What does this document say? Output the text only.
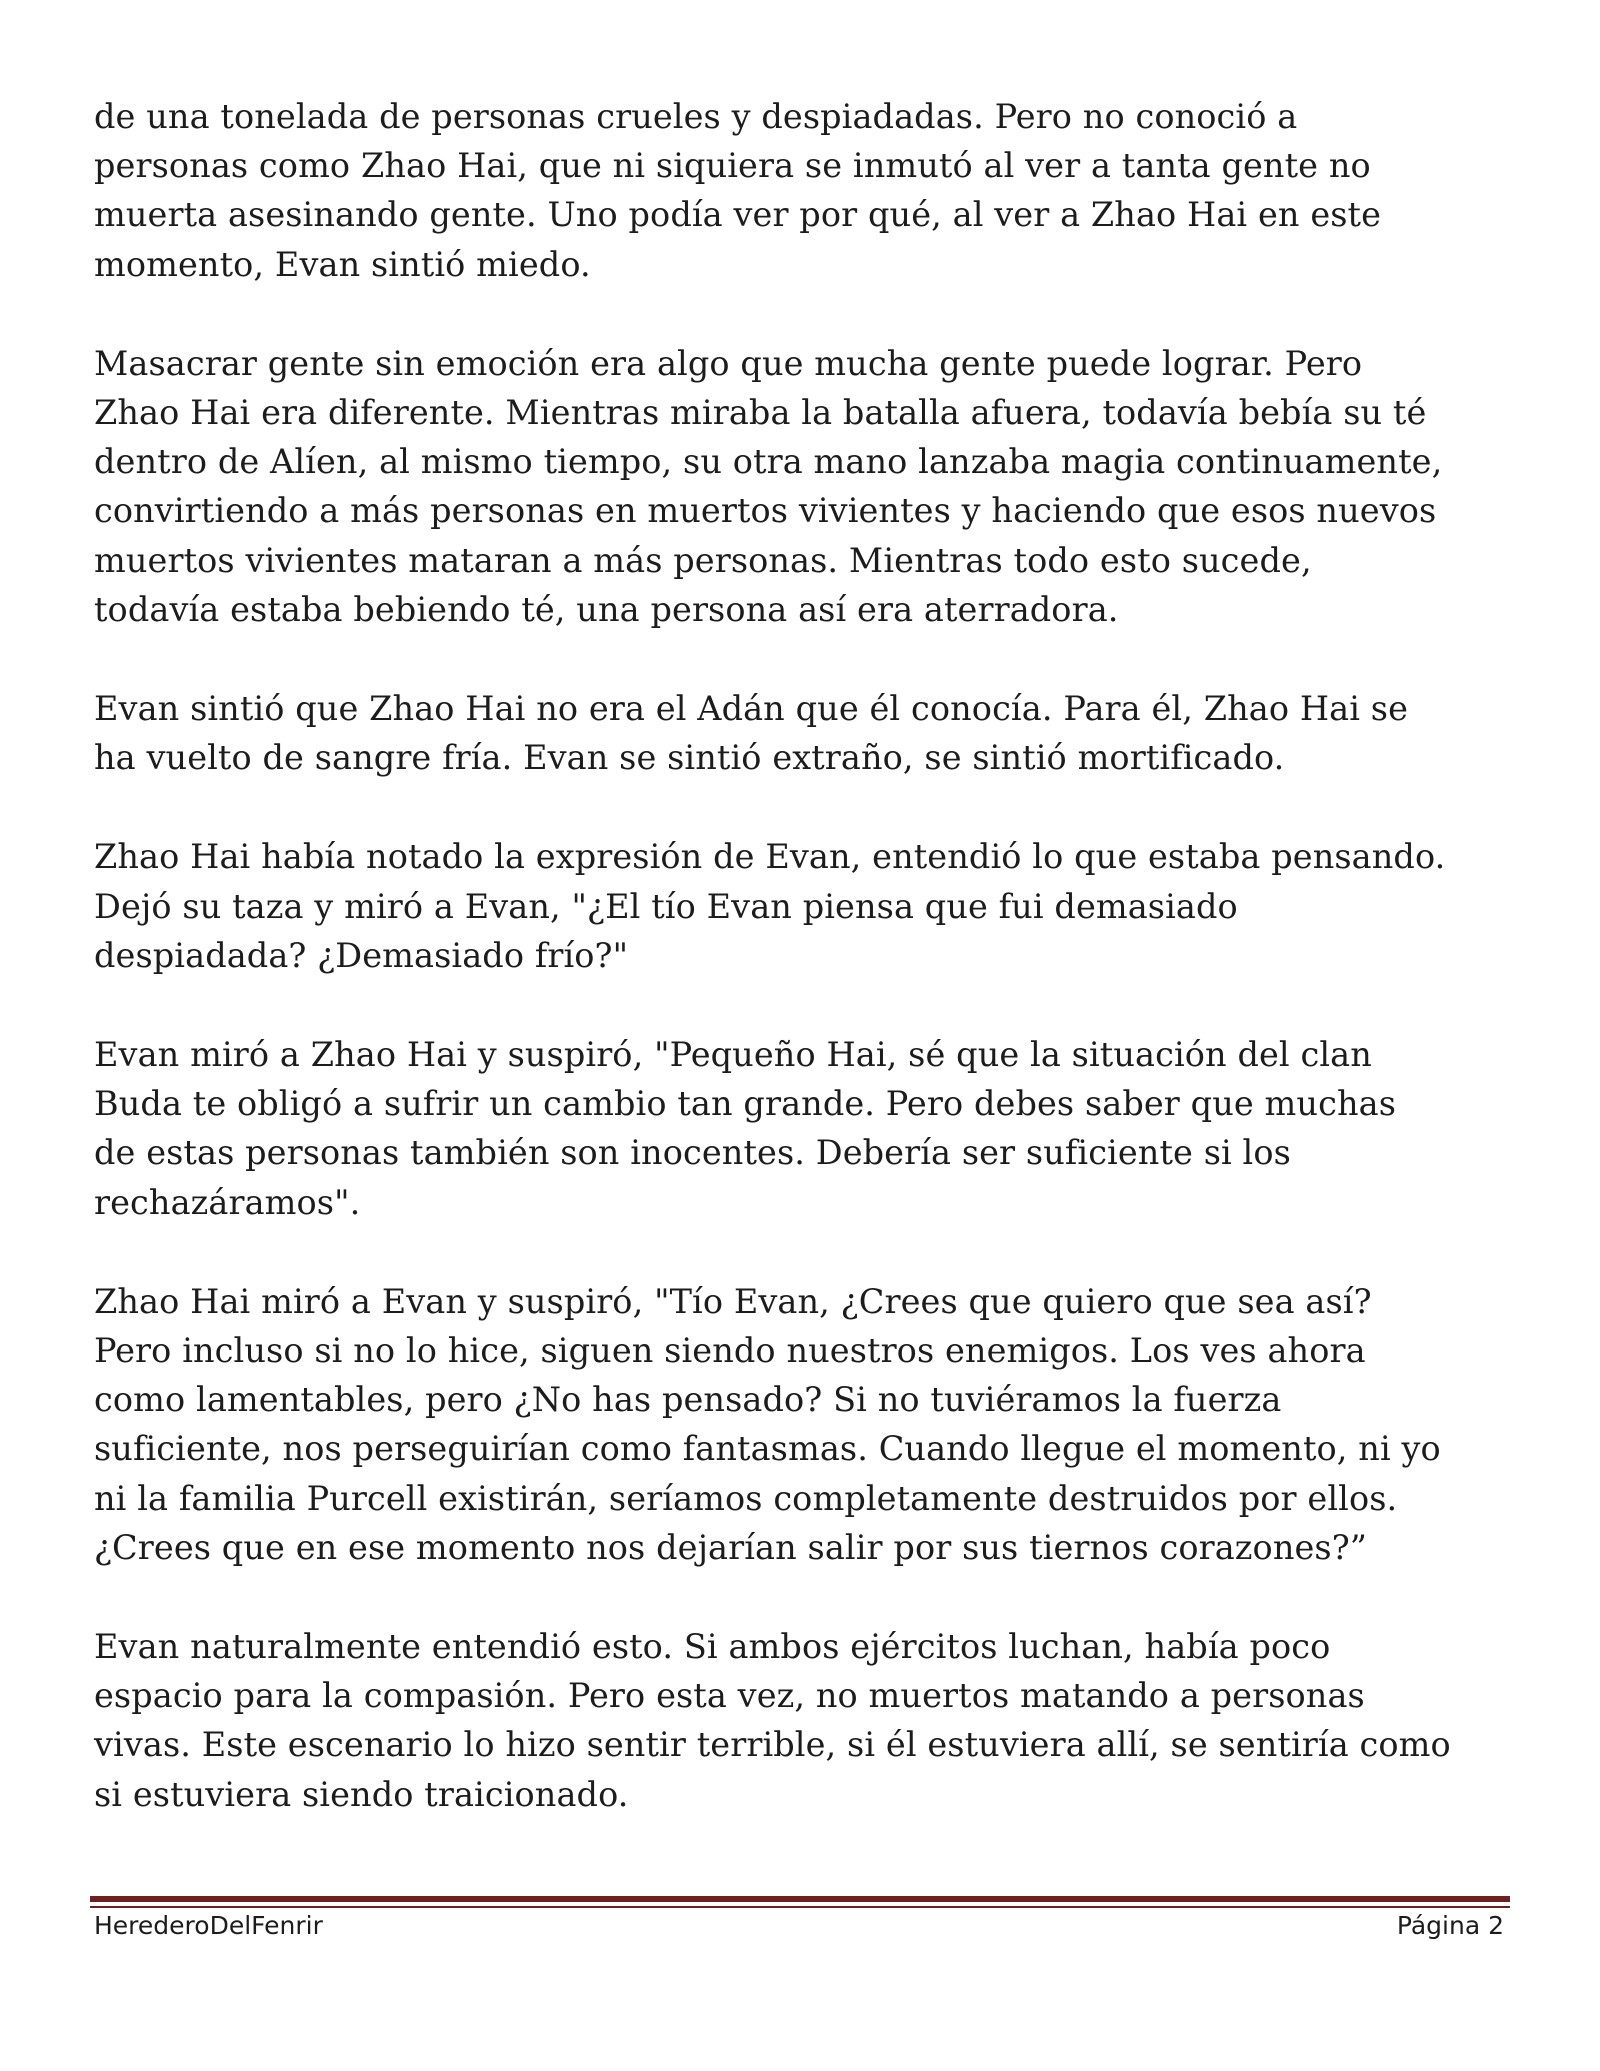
de una tonelada de personas crueles y despiadadas. Pero no conoció a
personas como Zhao Hai, que ni siquiera se inmutó al ver a tanta gente no
muerta asesinando gente. Uno podía ver por qué, al ver a Zhao Hai en este
momento, Evan sintió miedo.

Masacrar gente sin emoción era algo que mucha gente puede lograr. Pero
Zhao Hai era diferente. Mientras miraba la batalla afuera, todavía bebía su té
dentro de Alíen, al mismo tiempo, su otra mano lanzaba magia continuamente,
convirtiendo a más personas en muertos vivientes y haciendo que esos nuevos
muertos vivientes mataran a más personas. Mientras todo esto sucede,
todavía estaba bebiendo té, una persona así era aterradora.

Evan sintió que Zhao Hai no era el Adán que él conocía. Para él, Zhao Hai se
ha vuelto de sangre fría. Evan se sintió extraño, se sintió mortificado.

Zhao Hai había notado la expresión de Evan, entendió lo que estaba pensando.
Dejó su taza y miró a Evan, "¿El tío Evan piensa que fui demasiado
despiadada? ¿Demasiado frío?"

Evan miró a Zhao Hai y suspiró, "Pequeño Hai, sé que la situación del clan
Buda te obligó a sufrir un cambio tan grande. Pero debes saber que muchas
de estas personas también son inocentes. Debería ser suficiente si los
rechazáramos".

Zhao Hai miró a Evan y suspiró, "Tío Evan, ¿Crees que quiero que sea así?
Pero incluso si no lo hice, siguen siendo nuestros enemigos. Los ves ahora
como lamentables, pero ¿No has pensado? Si no tuviéramos la fuerza
suficiente, nos perseguirían como fantasmas. Cuando llegue el momento, ni yo
ni la familia Purcell existirán, seríamos completamente destruidos por ellos.
¿Crees que en ese momento nos dejarían salir por sus tiernos corazones?”

Evan naturalmente entendió esto. Si ambos ejércitos luchan, había poco
espacio para la compasión. Pero esta vez, no muertos matando a personas
vivas. Este escenario lo hizo sentir terrible, si él estuviera allí, se sentiría como
si estuviera siendo traicionado.

HerederoDelFenrir	Página 2
